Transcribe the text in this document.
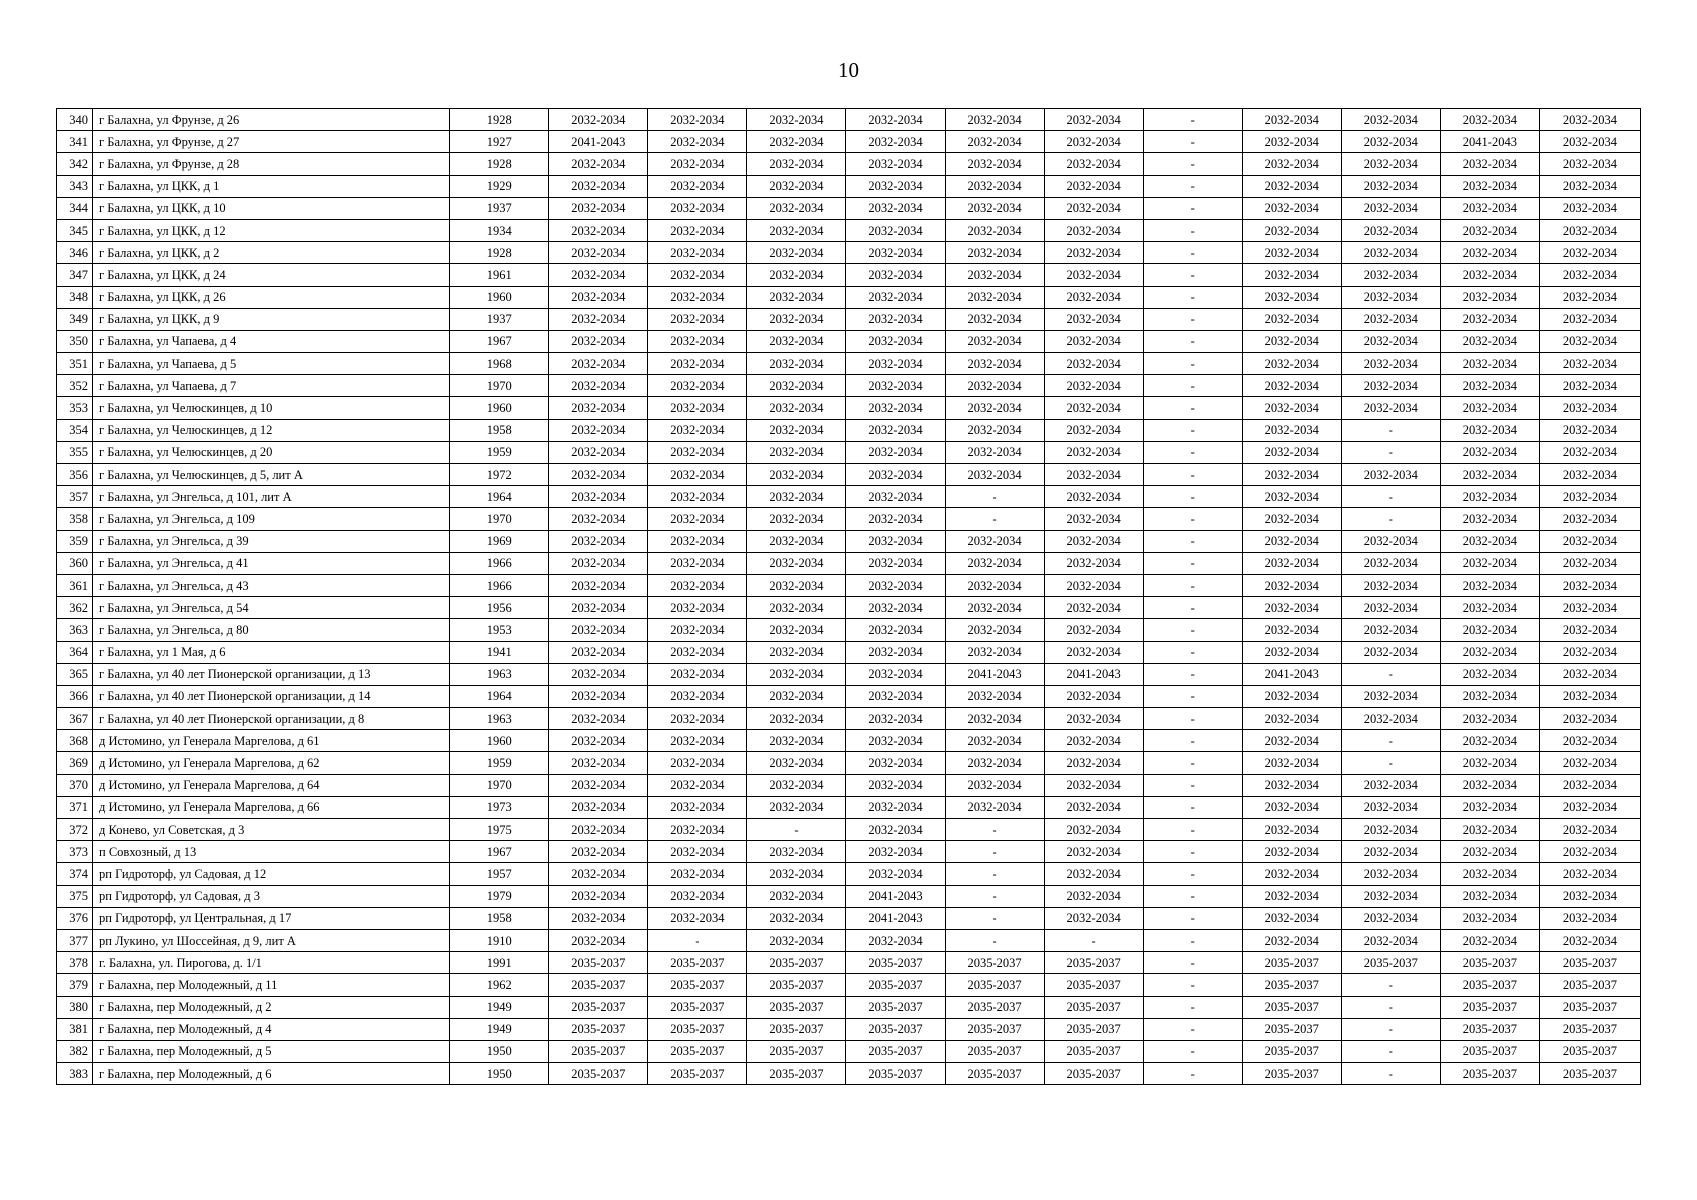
10
340	г Балахна, ул Фрунзе, д 26	1928	2032-2034	2032-2034	2032-2034	2032-2034	2032-2034	2032-2034	-	2032-2034	2032-2034	2032-2034	2032-2034
341	г Балахна, ул Фрунзе, д 27	1927	2041-2043	2032-2034	2032-2034	2032-2034	2032-2034	2032-2034	-	2032-2034	2032-2034	2041-2043	2032-2034
342	г Балахна, ул Фрунзе, д 28	1928	2032-2034	2032-2034	2032-2034	2032-2034	2032-2034	2032-2034	-	2032-2034	2032-2034	2032-2034	2032-2034
343	г Балахна, ул ЦКК, д 1	1929	2032-2034	2032-2034	2032-2034	2032-2034	2032-2034	2032-2034	-	2032-2034	2032-2034	2032-2034	2032-2034
344	г Балахна, ул ЦКК, д 10	1937	2032-2034	2032-2034	2032-2034	2032-2034	2032-2034	2032-2034	-	2032-2034	2032-2034	2032-2034	2032-2034
345	г Балахна, ул ЦКК, д 12	1934	2032-2034	2032-2034	2032-2034	2032-2034	2032-2034	2032-2034	-	2032-2034	2032-2034	2032-2034	2032-2034
346	г Балахна, ул ЦКК, д 2	1928	2032-2034	2032-2034	2032-2034	2032-2034	2032-2034	2032-2034	-	2032-2034	2032-2034	2032-2034	2032-2034
347	г Балахна, ул ЦКК, д 24	1961	2032-2034	2032-2034	2032-2034	2032-2034	2032-2034	2032-2034	-	2032-2034	2032-2034	2032-2034	2032-2034
348	г Балахна, ул ЦКК, д 26	1960	2032-2034	2032-2034	2032-2034	2032-2034	2032-2034	2032-2034	-	2032-2034	2032-2034	2032-2034	2032-2034
349	г Балахна, ул ЦКК, д 9	1937	2032-2034	2032-2034	2032-2034	2032-2034	2032-2034	2032-2034	-	2032-2034	2032-2034	2032-2034	2032-2034
350	г Балахна, ул Чапаева, д 4	1967	2032-2034	2032-2034	2032-2034	2032-2034	2032-2034	2032-2034	-	2032-2034	2032-2034	2032-2034	2032-2034
351	г Балахна, ул Чапаева, д 5	1968	2032-2034	2032-2034	2032-2034	2032-2034	2032-2034	2032-2034	-	2032-2034	2032-2034	2032-2034	2032-2034
352	г Балахна, ул Чапаева, д 7	1970	2032-2034	2032-2034	2032-2034	2032-2034	2032-2034	2032-2034	-	2032-2034	2032-2034	2032-2034	2032-2034
353	г Балахна, ул Челюскинцев, д 10	1960	2032-2034	2032-2034	2032-2034	2032-2034	2032-2034	2032-2034	-	2032-2034	2032-2034	2032-2034	2032-2034
354	г Балахна, ул Челюскинцев, д 12	1958	2032-2034	2032-2034	2032-2034	2032-2034	2032-2034	2032-2034	-	2032-2034	-	2032-2034	2032-2034
355	г Балахна, ул Челюскинцев, д 20	1959	2032-2034	2032-2034	2032-2034	2032-2034	2032-2034	2032-2034	-	2032-2034	-	2032-2034	2032-2034
356	г Балахна, ул Челюскинцев, д 5, лит А	1972	2032-2034	2032-2034	2032-2034	2032-2034	2032-2034	2032-2034	-	2032-2034	2032-2034	2032-2034	2032-2034
357	г Балахна, ул Энгельса, д 101, лит А	1964	2032-2034	2032-2034	2032-2034	2032-2034	-	2032-2034	-	2032-2034	-	2032-2034	2032-2034
358	г Балахна, ул Энгельса, д 109	1970	2032-2034	2032-2034	2032-2034	2032-2034	-	2032-2034	-	2032-2034	-	2032-2034	2032-2034
359	г Балахна, ул Энгельса, д 39	1969	2032-2034	2032-2034	2032-2034	2032-2034	2032-2034	2032-2034	-	2032-2034	2032-2034	2032-2034	2032-2034
360	г Балахна, ул Энгельса, д 41	1966	2032-2034	2032-2034	2032-2034	2032-2034	2032-2034	2032-2034	-	2032-2034	2032-2034	2032-2034	2032-2034
361	г Балахна, ул Энгельса, д 43	1966	2032-2034	2032-2034	2032-2034	2032-2034	2032-2034	2032-2034	-	2032-2034	2032-2034	2032-2034	2032-2034
362	г Балахна, ул Энгельса, д 54	1956	2032-2034	2032-2034	2032-2034	2032-2034	2032-2034	2032-2034	-	2032-2034	2032-2034	2032-2034	2032-2034
363	г Балахна, ул Энгельса, д 80	1953	2032-2034	2032-2034	2032-2034	2032-2034	2032-2034	2032-2034	-	2032-2034	2032-2034	2032-2034	2032-2034
364	г Балахна, ул 1 Мая, д 6	1941	2032-2034	2032-2034	2032-2034	2032-2034	2032-2034	2032-2034	-	2032-2034	2032-2034	2032-2034	2032-2034
365	г Балахна, ул 40 лет Пионерской организации, д 13	1963	2032-2034	2032-2034	2032-2034	2032-2034	2041-2043	2041-2043	-	2041-2043	-	2032-2034	2032-2034
366	г Балахна, ул 40 лет Пионерской организации, д 14	1964	2032-2034	2032-2034	2032-2034	2032-2034	2032-2034	2032-2034	-	2032-2034	2032-2034	2032-2034	2032-2034
367	г Балахна, ул 40 лет Пионерской организации, д 8	1963	2032-2034	2032-2034	2032-2034	2032-2034	2032-2034	2032-2034	-	2032-2034	2032-2034	2032-2034	2032-2034
368	д Истомино, ул Генерала Маргелова, д 61	1960	2032-2034	2032-2034	2032-2034	2032-2034	2032-2034	2032-2034	-	2032-2034	-	2032-2034	2032-2034
369	д Истомино, ул Генерала Маргелова, д 62	1959	2032-2034	2032-2034	2032-2034	2032-2034	2032-2034	2032-2034	-	2032-2034	-	2032-2034	2032-2034
370	д Истомино, ул Генерала Маргелова, д 64	1970	2032-2034	2032-2034	2032-2034	2032-2034	2032-2034	2032-2034	-	2032-2034	2032-2034	2032-2034	2032-2034
371	д Истомино, ул Генерала Маргелова, д 66	1973	2032-2034	2032-2034	2032-2034	2032-2034	2032-2034	2032-2034	-	2032-2034	2032-2034	2032-2034	2032-2034
372	д Конево, ул Советская, д 3	1975	2032-2034	2032-2034	-	2032-2034	-	2032-2034	-	2032-2034	2032-2034	2032-2034	2032-2034
373	п Совхозный, д 13	1967	2032-2034	2032-2034	2032-2034	2032-2034	-	2032-2034	-	2032-2034	2032-2034	2032-2034	2032-2034
374	рп Гидроторф, ул Садовая, д 12	1957	2032-2034	2032-2034	2032-2034	2032-2034	-	2032-2034	-	2032-2034	2032-2034	2032-2034	2032-2034
375	рп Гидроторф, ул Садовая, д 3	1979	2032-2034	2032-2034	2032-2034	2041-2043	-	2032-2034	-	2032-2034	2032-2034	2032-2034	2032-2034
376	рп Гидроторф, ул Центральная, д 17	1958	2032-2034	2032-2034	2032-2034	2041-2043	-	2032-2034	-	2032-2034	2032-2034	2032-2034	2032-2034
377	рп Лукино, ул Шоссейная, д 9, лит А	1910	2032-2034	-	2032-2034	2032-2034	-	-	-	2032-2034	2032-2034	2032-2034	2032-2034
378	г. Балахна, ул. Пирогова, д. 1/1	1991	2035-2037	2035-2037	2035-2037	2035-2037	2035-2037	2035-2037	-	2035-2037	2035-2037	2035-2037	2035-2037
379	г Балахна, пер Молодежный, д 11	1962	2035-2037	2035-2037	2035-2037	2035-2037	2035-2037	2035-2037	-	2035-2037	-	2035-2037	2035-2037
380	г Балахна, пер Молодежный, д 2	1949	2035-2037	2035-2037	2035-2037	2035-2037	2035-2037	2035-2037	-	2035-2037	-	2035-2037	2035-2037
381	г Балахна, пер Молодежный, д 4	1949	2035-2037	2035-2037	2035-2037	2035-2037	2035-2037	2035-2037	-	2035-2037	-	2035-2037	2035-2037
382	г Балахна, пер Молодежный, д 5	1950	2035-2037	2035-2037	2035-2037	2035-2037	2035-2037	2035-2037	-	2035-2037	-	2035-2037	2035-2037
383	г Балахна, пер Молодежный, д 6	1950	2035-2037	2035-2037	2035-2037	2035-2037	2035-2037	2035-2037	-	2035-2037	-	2035-2037	2035-2037
